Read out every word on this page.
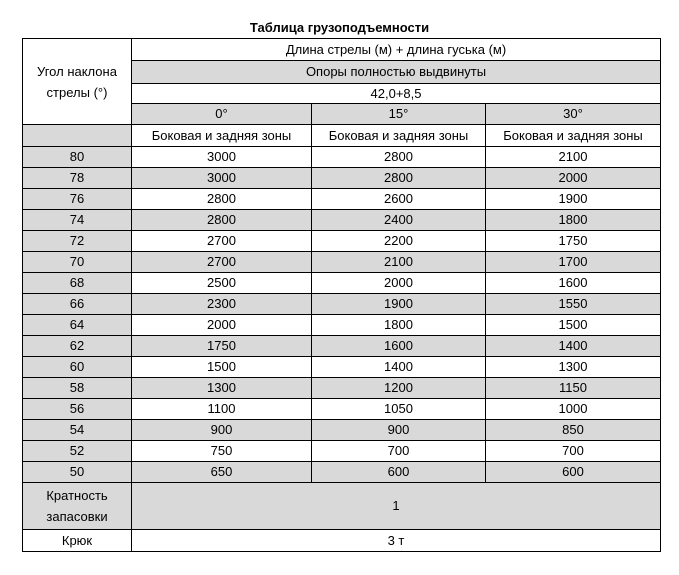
Таблица грузоподъемности
Угол наклона стрелы (°)	Длина стрелы (м) + длина гуська (м)		
	Опоры полностью выдвинуты		
	42,0+8,5		
	0°	15°	30°
	Боковая и задняя зоны	Боковая и задняя зоны	Боковая и задняя зоны
80	3000	2800	2100
78	3000	2800	2000
76	2800	2600	1900
74	2800	2400	1800
72	2700	2200	1750
70	2700	2100	1700
68	2500	2000	1600
66	2300	1900	1550
64	2000	1800	1500
62	1750	1600	1400
60	1500	1400	1300
58	1300	1200	1150
56	1100	1050	1000
54	900	900	850
52	750	700	700
50	650	600	600
Кратность запасовки	1		
Крюк	3 т		
